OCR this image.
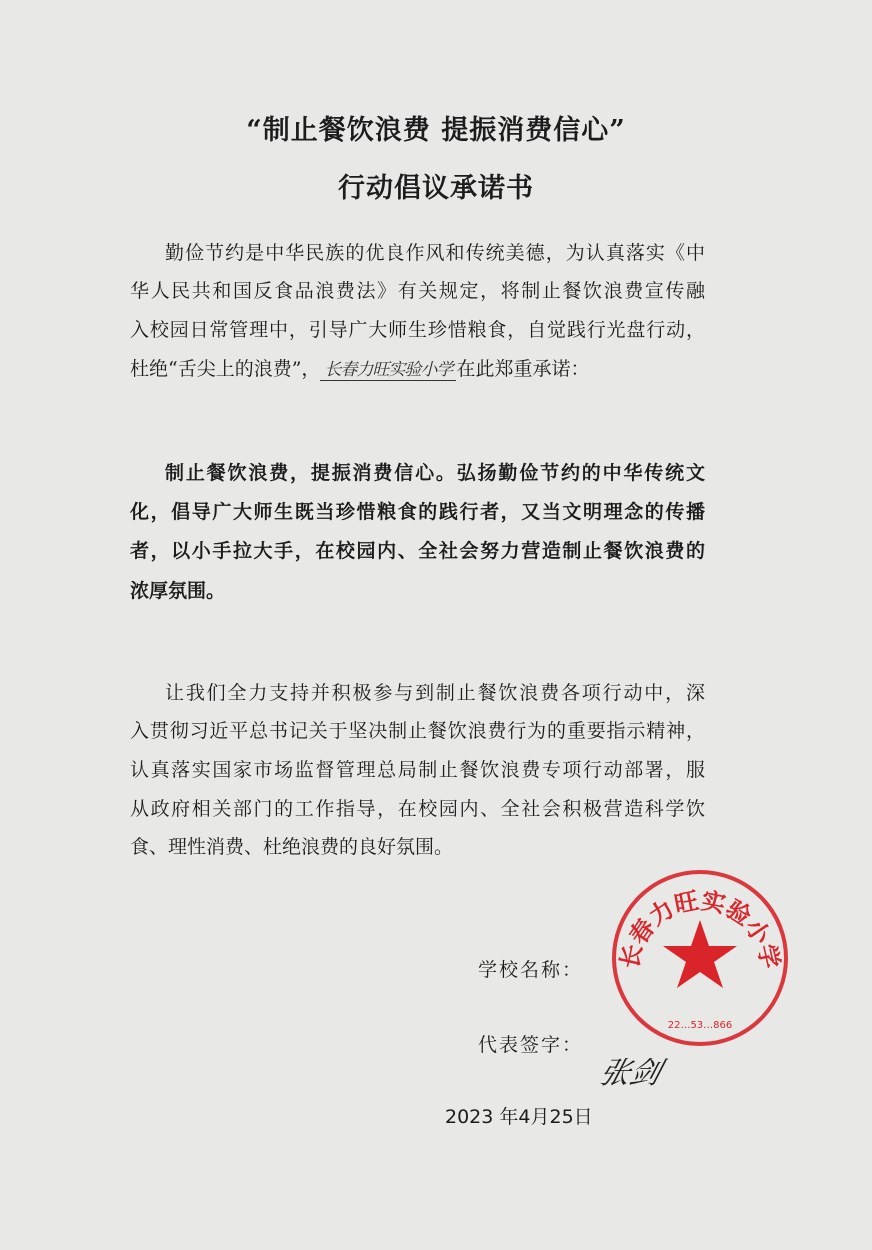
“制止餐饮浪费 提振消费信心”
行动倡议承诺书
勤俭节约是中华民族的优良作风和传统美德，为认真落实《中
华人民共和国反食品浪费法》有关规定，将制止餐饮浪费宣传融
入校园日常管理中，引导广大师生珍惜粮食，自觉践行光盘行动，
杜绝“舌尖上的浪费”， 长春力旺实验小学 在此郑重承诺：
制止餐饮浪费，提振消费信心。弘扬勤俭节约的中华传统文
化，倡导广大师生既当珍惜粮食的践行者，又当文明理念的传播
者，以小手拉大手，在校园内、全社会努力营造制止餐饮浪费的
浓厚氛围。
让我们全力支持并积极参与到制止餐饮浪费各项行动中，深
入贯彻习近平总书记关于坚决制止餐饮浪费行为的重要指示精神，
认真落实国家市场监督管理总局制止餐饮浪费专项行动部署，服
从政府相关部门的工作指导，在校园内、全社会积极营造科学饮
食、理性消费、杜绝浪费的良好氛围。
学校名称：
代表签字：
2023 年4月25日
长春力旺实验小学
22…53…866
张剑
